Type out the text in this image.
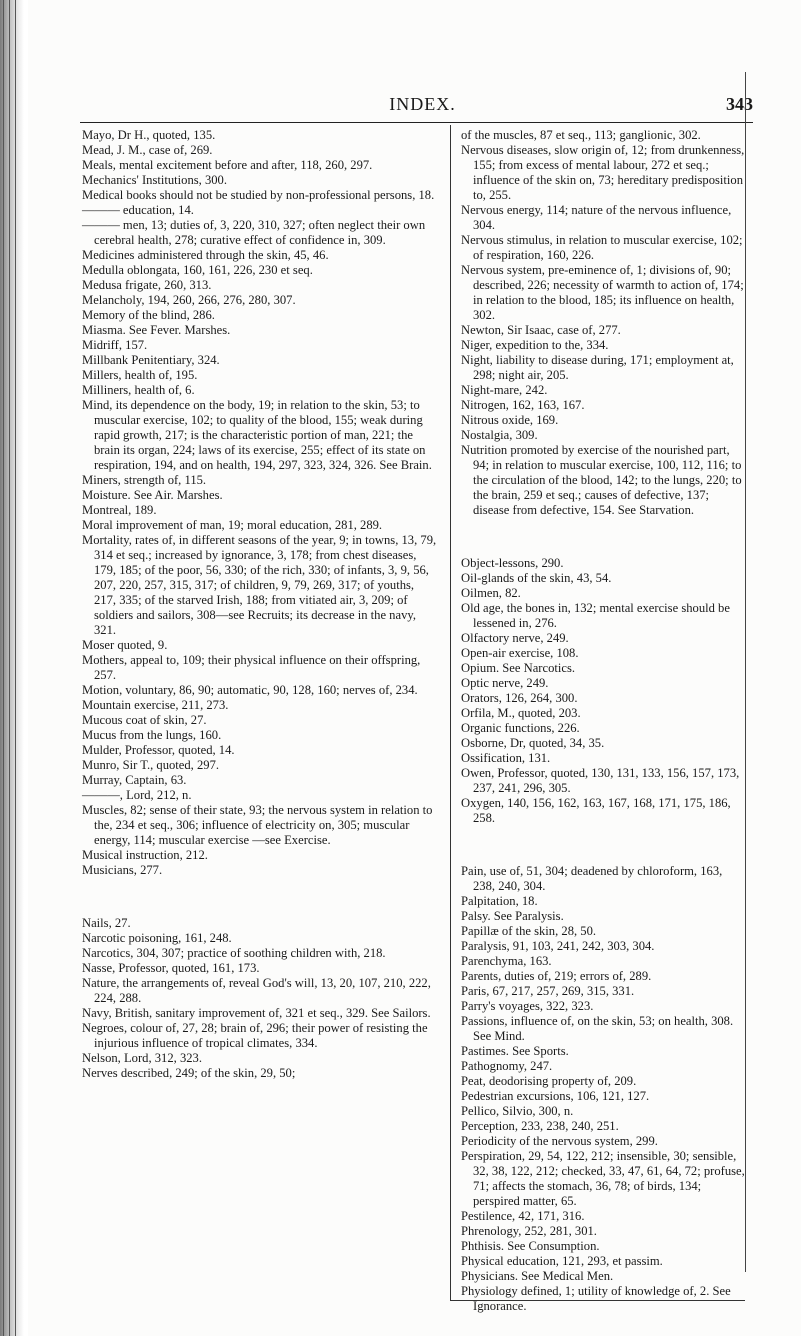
INDEX.	343

Mayo, Dr H., quoted, 135.

Mead, J. M., case of, 269.

Meals, mental excitement before and after, 118, 260, 297.

Mechanics' Institutions, 300.

Medical books should not be studied by non-professional persons, 18.

——— education, 14.

——— men, 13; duties of, 3, 220, 310, 327; often neglect their own cerebral health, 278; curative effect of confidence in, 309.

Medicines administered through the skin, 45, 46.

Medulla oblongata, 160, 161, 226, 230 et seq.

Medusa frigate, 260, 313.

Melancholy, 194, 260, 266, 276, 280, 307.

Memory of the blind, 286.

Miasma. See Fever. Marshes.

Midriff, 157.

Millbank Penitentiary, 324.

Millers, health of, 195.

Milliners, health of, 6.

Mind, its dependence on the body, 19; in relation to the skin, 53; to muscular exercise, 102; to quality of the blood, 155; weak during rapid growth, 217; is the characteristic portion of man, 221; the brain its organ, 224; laws of its exercise, 255; effect of its state on respiration, 194, and on health, 194, 297, 323, 324, 326. See Brain.

Miners, strength of, 115.

Moisture. See Air. Marshes.

Montreal, 189.

Moral improvement of man, 19; moral education, 281, 289.

Mortality, rates of, in different seasons of the year, 9; in towns, 13, 79, 314 et seq.; increased by ignorance, 3, 178; from chest diseases, 179, 185; of the poor, 56, 330; of the rich, 330; of infants, 3, 9, 56, 207, 220, 257, 315, 317; of children, 9, 79, 269, 317; of youths, 217, 335; of the starved Irish, 188; from vitiated air, 3, 209; of soldiers and sailors, 308—see Recruits; its decrease in the navy, 321.

Moser quoted, 9.

Mothers, appeal to, 109; their physical influence on their offspring, 257.

Motion, voluntary, 86, 90; automatic, 90, 128, 160; nerves of, 234.

Mountain exercise, 211, 273.

Mucous coat of skin, 27.

Mucus from the lungs, 160.

Mulder, Professor, quoted, 14.

Munro, Sir T., quoted, 297.

Murray, Captain, 63.

———, Lord, 212, n.

Muscles, 82; sense of their state, 93; the nervous system in relation to the, 234 et seq., 306; influence of electricity on, 305; muscular energy, 114; muscular exercise —see Exercise.

Musical instruction, 212.

Musicians, 277.

Nails, 27.

Narcotic poisoning, 161, 248.

Narcotics, 304, 307; practice of soothing children with, 218.

Nasse, Professor, quoted, 161, 173.

Nature, the arrangements of, reveal God's will, 13, 20, 107, 210, 222, 224, 288.

Navy, British, sanitary improvement of, 321 et seq., 329. See Sailors.

Negroes, colour of, 27, 28; brain of, 296; their power of resisting the injurious influence of tropical climates, 334.

Nelson, Lord, 312, 323.

Nerves described, 249; of the skin, 29, 50;

of the muscles, 87 et seq., 113; ganglionic, 302.

Nervous diseases, slow origin of, 12; from drunkenness, 155; from excess of mental labour, 272 et seq.; influence of the skin on, 73; hereditary predisposition to, 255.

Nervous energy, 114; nature of the nervous influence, 304.

Nervous stimulus, in relation to muscular exercise, 102; of respiration, 160, 226.

Nervous system, pre-eminence of, 1; divisions of, 90; described, 226; necessity of warmth to action of, 174; in relation to the blood, 185; its influence on health, 302.

Newton, Sir Isaac, case of, 277.

Niger, expedition to the, 334.

Night, liability to disease during, 171; employment at, 298; night air, 205.

Night-mare, 242.

Nitrogen, 162, 163, 167.

Nitrous oxide, 169.

Nostalgia, 309.

Nutrition promoted by exercise of the nourished part, 94; in relation to muscular exercise, 100, 112, 116; to the circulation of the blood, 142; to the lungs, 220; to the brain, 259 et seq.; causes of defective, 137; disease from defective, 154. See Starvation.

Object-lessons, 290.

Oil-glands of the skin, 43, 54.

Oilmen, 82.

Old age, the bones in, 132; mental exercise should be lessened in, 276.

Olfactory nerve, 249.

Open-air exercise, 108.

Opium. See Narcotics.

Optic nerve, 249.

Orators, 126, 264, 300.

Orfila, M., quoted, 203.

Organic functions, 226.

Osborne, Dr, quoted, 34, 35.

Ossification, 131.

Owen, Professor, quoted, 130, 131, 133, 156, 157, 173, 237, 241, 296, 305.

Oxygen, 140, 156, 162, 163, 167, 168, 171, 175, 186, 258.

Pain, use of, 51, 304; deadened by chloroform, 163, 238, 240, 304.

Palpitation, 18.

Palsy. See Paralysis.

Papillæ of the skin, 28, 50.

Paralysis, 91, 103, 241, 242, 303, 304.

Parenchyma, 163.

Parents, duties of, 219; errors of, 289.

Paris, 67, 217, 257, 269, 315, 331.

Parry's voyages, 322, 323.

Passions, influence of, on the skin, 53; on health, 308. See Mind.

Pastimes. See Sports.

Pathognomy, 247.

Peat, deodorising property of, 209.

Pedestrian excursions, 106, 121, 127.

Pellico, Silvio, 300, n.

Perception, 233, 238, 240, 251.

Periodicity of the nervous system, 299.

Perspiration, 29, 54, 122, 212; insensible, 30; sensible, 32, 38, 122, 212; checked, 33, 47, 61, 64, 72; profuse, 71; affects the stomach, 36, 78; of birds, 134; perspired matter, 65.

Pestilence, 42, 171, 316.

Phrenology, 252, 281, 301.

Phthisis. See Consumption.

Physical education, 121, 293, et passim.

Physicians. See Medical Men.

Physiology defined, 1; utility of knowledge of, 2. See Ignorance.
